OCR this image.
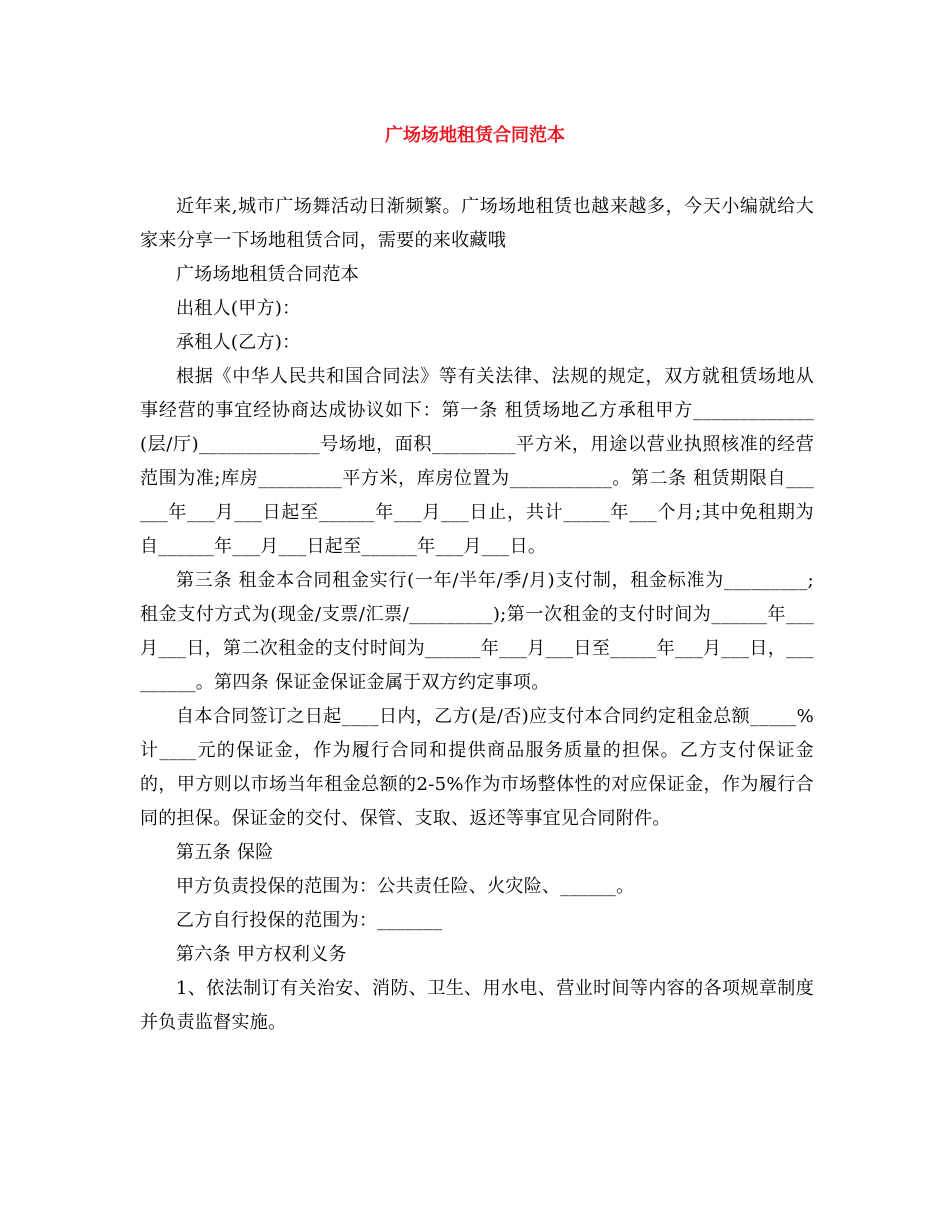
广场场地租赁合同范本

近年来,城市广场舞活动日渐频繁。广场场地租赁也越来越多，今天小编就给大家来分享一下场地租赁合同，需要的来收藏哦

广场场地租赁合同范本

出租人(甲方)：

承租人(乙方)：

根据《中华人民共和国合同法》等有关法律、法规的规定，双方就租赁场地从事经营的事宜经协商达成协议如下：第一条 租赁场地乙方承租甲方_____________(层/厅)_____________号场地，面积_________平方米，用途以营业执照核准的经营范围为准;库房_________平方米，库房位置为___________。第二条 租赁期限自______年___月___日起至______年___月___日止，共计_____年___个月;其中免租期为自______年___月___日起至______年___月___日。

第三条 租金本合同租金实行(一年/半年/季/月)支付制，租金标准为_________;租金支付方式为(现金/支票/汇票/_________);第一次租金的支付时间为______年___月___日，第二次租金的支付时间为______年___月___日至_____年___月___日，_________。第四条 保证金保证金属于双方约定事项。

自本合同签订之日起____日内，乙方(是/否)应支付本合同约定租金总额_____%计____元的保证金，作为履行合同和提供商品服务质量的担保。乙方支付保证金的，甲方则以市场当年租金总额的2-5%作为市场整体性的对应保证金，作为履行合同的担保。保证金的交付、保管、支取、返还等事宜见合同附件。

第五条 保险

甲方负责投保的范围为：公共责任险、火灾险、______。

乙方自行投保的范围为：_______

第六条 甲方权利义务

1、依法制订有关治安、消防、卫生、用水电、营业时间等内容的各项规章制度并负责监督实施。
